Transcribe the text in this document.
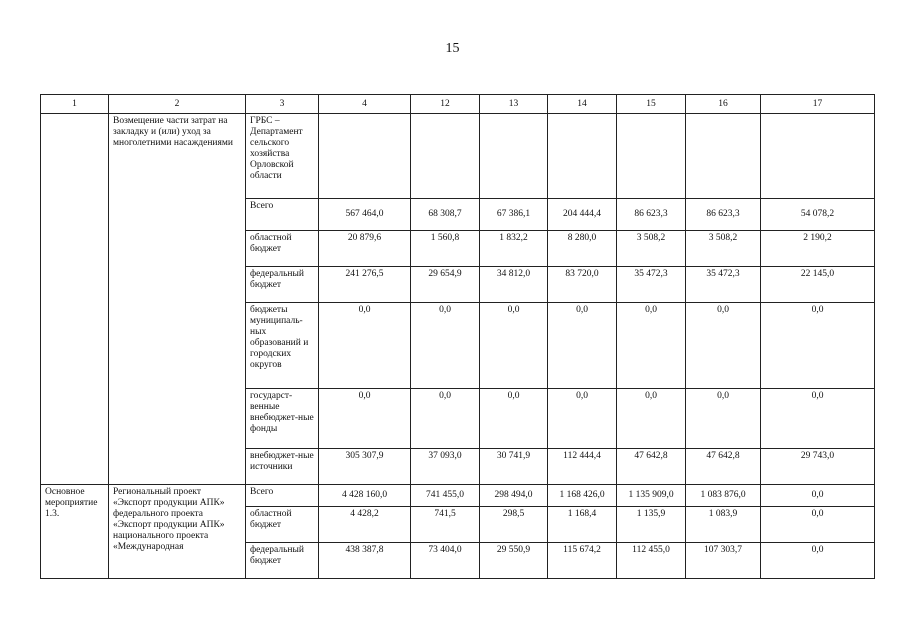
15
1	2	3	4	12	13	14	15	16	17
	Возмещение части затрат на закладку и (или) уход за многолетними насаждениями	ГРБС – Департамент сельского хозяйства Орловской области							
		Всего	567 464,0	68 308,7	67 386,1	204 444,4	86 623,3	86 623,3	54 078,2
		областной бюджет	20 879,6	1 560,8	1 832,2	8 280,0	3 508,2	3 508,2	2 190,2
		федеральный бюджет	241 276,5	29 654,9	34 812,0	83 720,0	35 472,3	35 472,3	22 145,0
		бюджеты муниципаль-ных образований и городских округов	0,0	0,0	0,0	0,0	0,0	0,0	0,0
		государст-венные внебюджет-ные фонды	0,0	0,0	0,0	0,0	0,0	0,0	0,0
		внебюджет-ные источники	305 307,9	37 093,0	30 741,9	112 444,4	47 642,8	47 642,8	29 743,0
Основное мероприятие 1.3.	Региональный проект «Экспорт продукции АПК» федерального проекта «Экспорт продукции АПК» национального проекта «Международная	Всего	4 428 160,0	741 455,0	298 494,0	1 168 426,0	1 135 909,0	1 083 876,0	0,0
		областной бюджет	4 428,2	741,5	298,5	1 168,4	1 135,9	1 083,9	0,0
		федеральный бюджет	438 387,8	73 404,0	29 550,9	115 674,2	112 455,0	107 303,7	0,0
